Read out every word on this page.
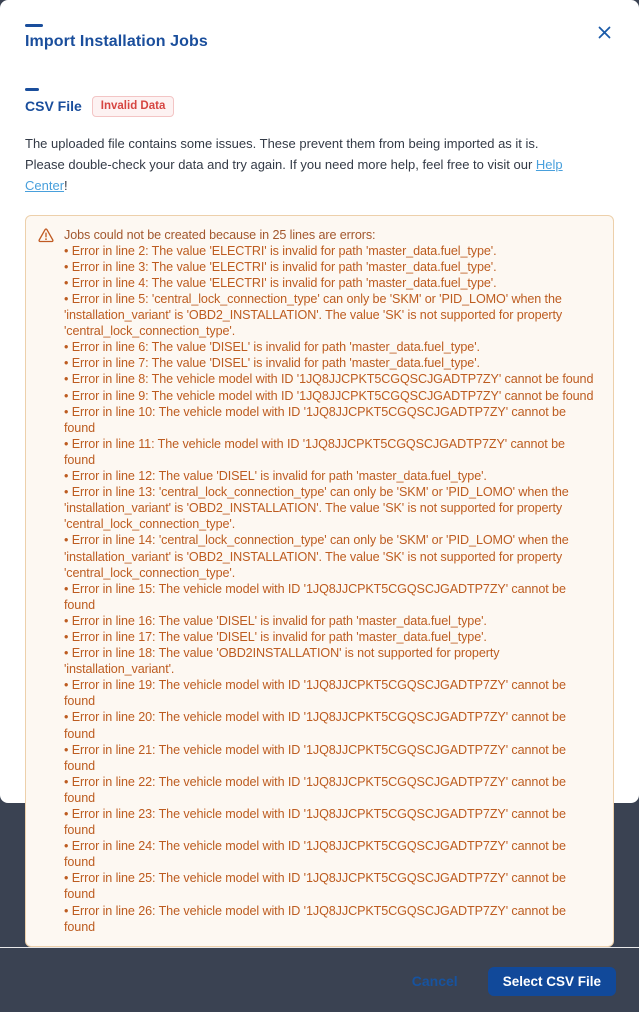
Import Installation Jobs
CSV File	Invalid Data

The uploaded file contains some issues. These prevent them from being imported as it is.
Please double-check your data and try again. If you need more help, feel free to visit our Help Center!

Jobs could not be created because in 25 lines are errors:
• Error in line 2: The value 'ELECTRI' is invalid for path 'master_data.fuel_type'.
• Error in line 3: The value 'ELECTRI' is invalid for path 'master_data.fuel_type'.
• Error in line 4: The value 'ELECTRI' is invalid for path 'master_data.fuel_type'.
• Error in line 5: 'central_lock_connection_type' can only be 'SKM' or 'PID_LOMO' when the 'installation_variant' is 'OBD2_INSTALLATION'. The value 'SK' is not supported for property 'central_lock_connection_type'.
• Error in line 6: The value 'DISEL' is invalid for path 'master_data.fuel_type'.
• Error in line 7: The value 'DISEL' is invalid for path 'master_data.fuel_type'.
• Error in line 8: The vehicle model with ID '1JQ8JJCPKT5CGQSCJGADTP7ZY' cannot be found
• Error in line 9: The vehicle model with ID '1JQ8JJCPKT5CGQSCJGADTP7ZY' cannot be found
• Error in line 10: The vehicle model with ID '1JQ8JJCPKT5CGQSCJGADTP7ZY' cannot be found
• Error in line 11: The vehicle model with ID '1JQ8JJCPKT5CGQSCJGADTP7ZY' cannot be found
• Error in line 12: The value 'DISEL' is invalid for path 'master_data.fuel_type'.
• Error in line 13: 'central_lock_connection_type' can only be 'SKM' or 'PID_LOMO' when the 'installation_variant' is 'OBD2_INSTALLATION'. The value 'SK' is not supported for property 'central_lock_connection_type'.
• Error in line 14: 'central_lock_connection_type' can only be 'SKM' or 'PID_LOMO' when the 'installation_variant' is 'OBD2_INSTALLATION'. The value 'SK' is not supported for property 'central_lock_connection_type'.
• Error in line 15: The vehicle model with ID '1JQ8JJCPKT5CGQSCJGADTP7ZY' cannot be found
• Error in line 16: The value 'DISEL' is invalid for path 'master_data.fuel_type'.
• Error in line 17: The value 'DISEL' is invalid for path 'master_data.fuel_type'.
• Error in line 18: The value 'OBD2INSTALLATION' is not supported for property 'installation_variant'.
• Error in line 19: The vehicle model with ID '1JQ8JJCPKT5CGQSCJGADTP7ZY' cannot be found
• Error in line 20: The vehicle model with ID '1JQ8JJCPKT5CGQSCJGADTP7ZY' cannot be found
• Error in line 21: The vehicle model with ID '1JQ8JJCPKT5CGQSCJGADTP7ZY' cannot be found
• Error in line 22: The vehicle model with ID '1JQ8JJCPKT5CGQSCJGADTP7ZY' cannot be found
• Error in line 23: The vehicle model with ID '1JQ8JJCPKT5CGQSCJGADTP7ZY' cannot be found
• Error in line 24: The vehicle model with ID '1JQ8JJCPKT5CGQSCJGADTP7ZY' cannot be found
• Error in line 25: The vehicle model with ID '1JQ8JJCPKT5CGQSCJGADTP7ZY' cannot be found
• Error in line 26: The vehicle model with ID '1JQ8JJCPKT5CGQSCJGADTP7ZY' cannot be found
Cancel	Select CSV File
